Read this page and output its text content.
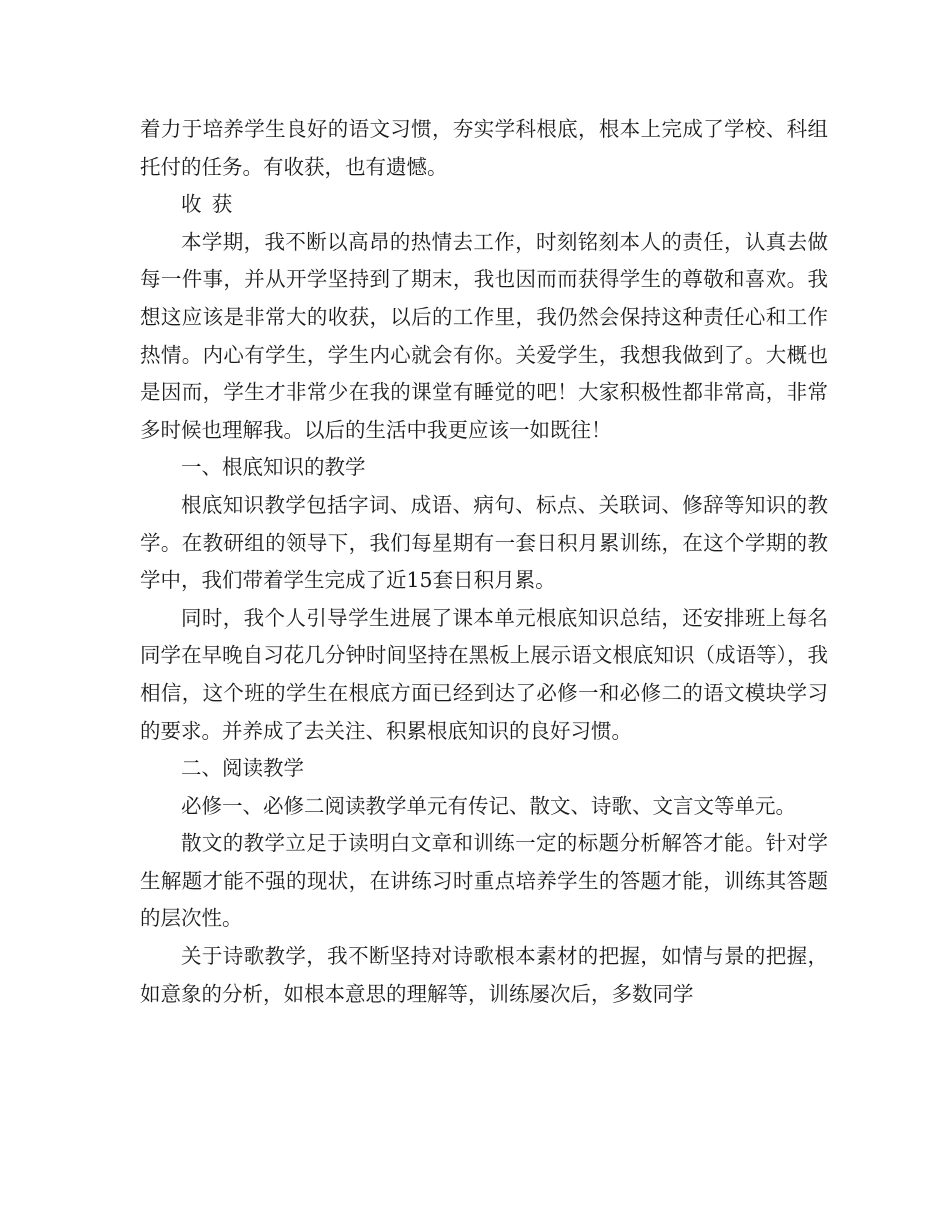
着力于培养学生良好的语文习惯，夯实学科根底，根本上完成了学校、科组托付的任务。有收获，也有遗憾。

收获

本学期，我不断以高昂的热情去工作，时刻铭刻本人的责任，认真去做每一件事，并从开学坚持到了期末，我也因而而获得学生的尊敬和喜欢。我想这应该是非常大的收获，以后的工作里，我仍然会保持这种责任心和工作热情。内心有学生，学生内心就会有你。关爱学生，我想我做到了。大概也是因而，学生才非常少在我的课堂有睡觉的吧！大家积极性都非常高，非常多时候也理解我。以后的生活中我更应该一如既往！

一、根底知识的教学

根底知识教学包括字词、成语、病句、标点、关联词、修辞等知识的教学。在教研组的领导下，我们每星期有一套日积月累训练，在这个学期的教学中，我们带着学生完成了近15套日积月累。

同时，我个人引导学生进展了课本单元根底知识总结，还安排班上每名同学在早晚自习花几分钟时间坚持在黑板上展示语文根底知识（成语等），我相信，这个班的学生在根底方面已经到达了必修一和必修二的语文模块学习的要求。并养成了去关注、积累根底知识的良好习惯。

二、阅读教学

必修一、必修二阅读教学单元有传记、散文、诗歌、文言文等单元。

散文的教学立足于读明白文章和训练一定的标题分析解答才能。针对学生解题才能不强的现状，在讲练习时重点培养学生的答题才能，训练其答题的层次性。

关于诗歌教学，我不断坚持对诗歌根本素材的把握，如情与景的把握，如意象的分析，如根本意思的理解等，训练屡次后，多数同学
